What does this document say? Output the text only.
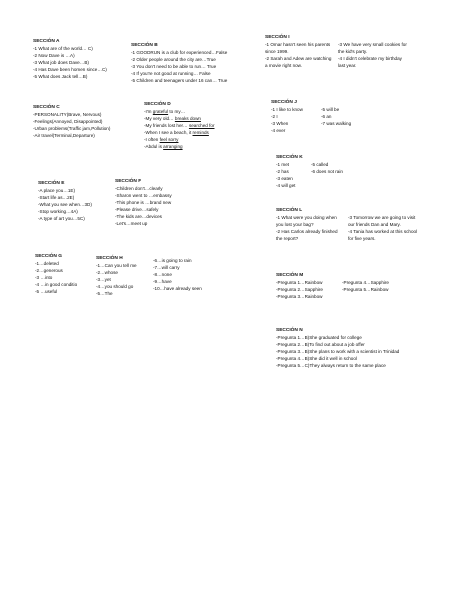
SECCIÓN A
-1 What are of the world… C)
-2 Now Dave is …A)
-3 What job does Dave…B)
-4 Has Dave been homen since…C)
-5 What does Jack tell…B)
SECCIÓN B
-1 GOODRUN is a club for experienced…False
-2 Older people around the city are…True
-3 You don't need to be able to run… True
-4 If you're not good at running… False
-5 Children and teenagers under 16 can… True
SECCIÓN C
-PERSONALITY(Brave, Nervous)
-Feelings(Annoyed, Disappointed)
-Urban problems(Traffic jam,Pollution)
-Air travel(Terminal,Departure)
SECCIÓN D
-I'm grateful to my…
-My very old… breaks down
-My friends lost her… searched for
-When I see a beach, it reminds
-I often feel sorry
-Abdul is arranging
SECCIÓN E
-A place you…1E)
-Start life as…2E)
-What you see when…3D)
-Stop working…4A)
-A type of art you…5C)
SECCIÓN F
-Children don't…clearly
-Sharon went to …embassy
-This phone is …brand new
-Please drive…safely
-The kids are…devices
-Let's…meet up
SECCIÓN G
-1…deleted
-2…generous
-3 …into
-4 …in good conditio
-5 …useful
SECCIÓN H
-1…Can you tell me
-2…whose
-3…yet
-4…you should go
-5…The
-6…is going to rain
-7…will carry
-8…none
-9…have
-10…have already seen
SECCIÓN I
-1 Omar hasn't seen his parents since 1999.
-2 Sarah and Adew are watching a movie right now.
-3 We have very small cookies for the kid's party.
-4 I didn't celebrate my birthday last year.
SECCIÓN J
-1 I like to know
-2 I
-3 When
-4 ever
-5 will be
-6 an
-7 was walking
SECCIÓN K
-1 met
-2 has
-3 eaten
-4 will get
-5 called
-6 does not rain
SECCIÓN L
-1 What were you doing when you lost your bag?
-2 Has Carlos already finished the report?
-3 Tomorrow we are going to visit our friends Dan and Mary.
-4 Tania has worked at this school for five years.
SECCIÓN M
-Pregunta 1…Rainbow
-Pregunta 2…Sapphire
-Pregunta 3…Rainbow
-Pregunta 4…Sapphire
-Pregunta 5…Rainbow
SECCIÓN N
-Pregunta 1…B)She graduated for college
-Pregunta 2…B)To find out about a job offer
-Pregunta 3…B)She plans to work with a scientist in Trinidad
-Pregunta 4…B)She did it well in school
-Pregunta 5…C)They always return to the same place
